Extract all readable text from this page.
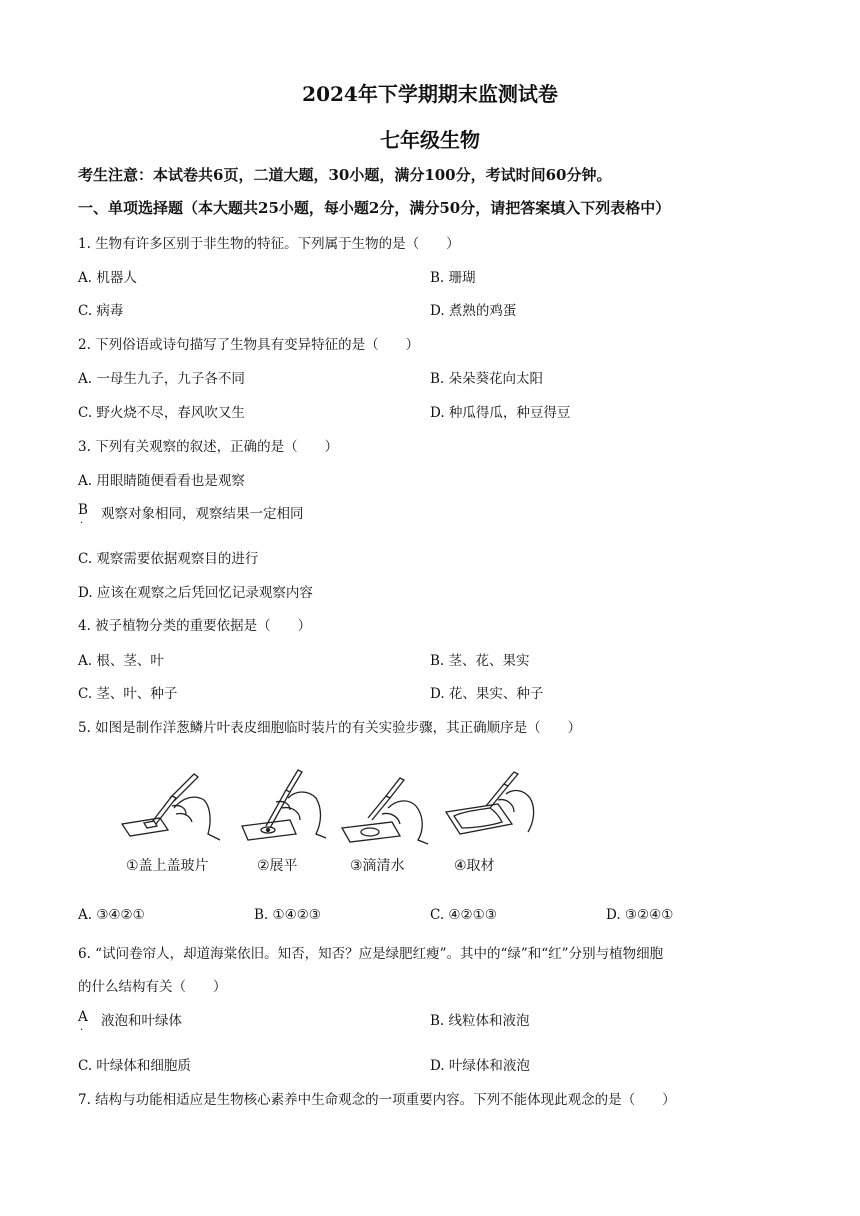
2024年下学期期末监测试卷
七年级生物
考生注意：本试卷共6页，二道大题，30小题，满分100分，考试时间60分钟。
一、单项选择题（本大题共25小题，每小题2分，满分50分，请把答案填入下列表格中）
1. 生物有许多区别于非生物的特征。下列属于生物的是（　　）
A. 机器人	B. 珊瑚
C. 病毒	D. 煮熟的鸡蛋
2. 下列俗语或诗句描写了生物具有变异特征的是（　　）
A. 一母生九子，九子各不同	B. 朵朵葵花向太阳
C. 野火烧不尽，春风吹又生	D. 种瓜得瓜，种豆得豆
3. 下列有关观察的叙述，正确的是（　　）
A. 用眼睛随便看看也是观察
B
·
观察对象相同，观察结果一定相同
C. 观察需要依据观察目的进行
D. 应该在观察之后凭回忆记录观察内容
4. 被子植物分类的重要依据是（　　）
A. 根、茎、叶	B. 茎、花、果实
C. 茎、叶、种子	D. 花、果实、种子
5. 如图是制作洋葱鳞片叶表皮细胞临时装片的有关实验步骤，其正确顺序是（　　）
①盖上盖玻片	②展平	③滴清水	④取材
A. ③④②①	B. ①④②③	C. ④②①③	D. ③②④①
6. “试问卷帘人，却道海棠依旧。知否，知否？应是绿肥红瘦”。其中的“绿”和“红”分别与植物细胞
的什么结构有关（　　）
A
·
液泡和叶绿体	B. 线粒体和液泡
C. 叶绿体和细胞质	D. 叶绿体和液泡
7. 结构与功能相适应是生物核心素养中生命观念的一项重要内容。下列不能体现此观念的是（　　）
